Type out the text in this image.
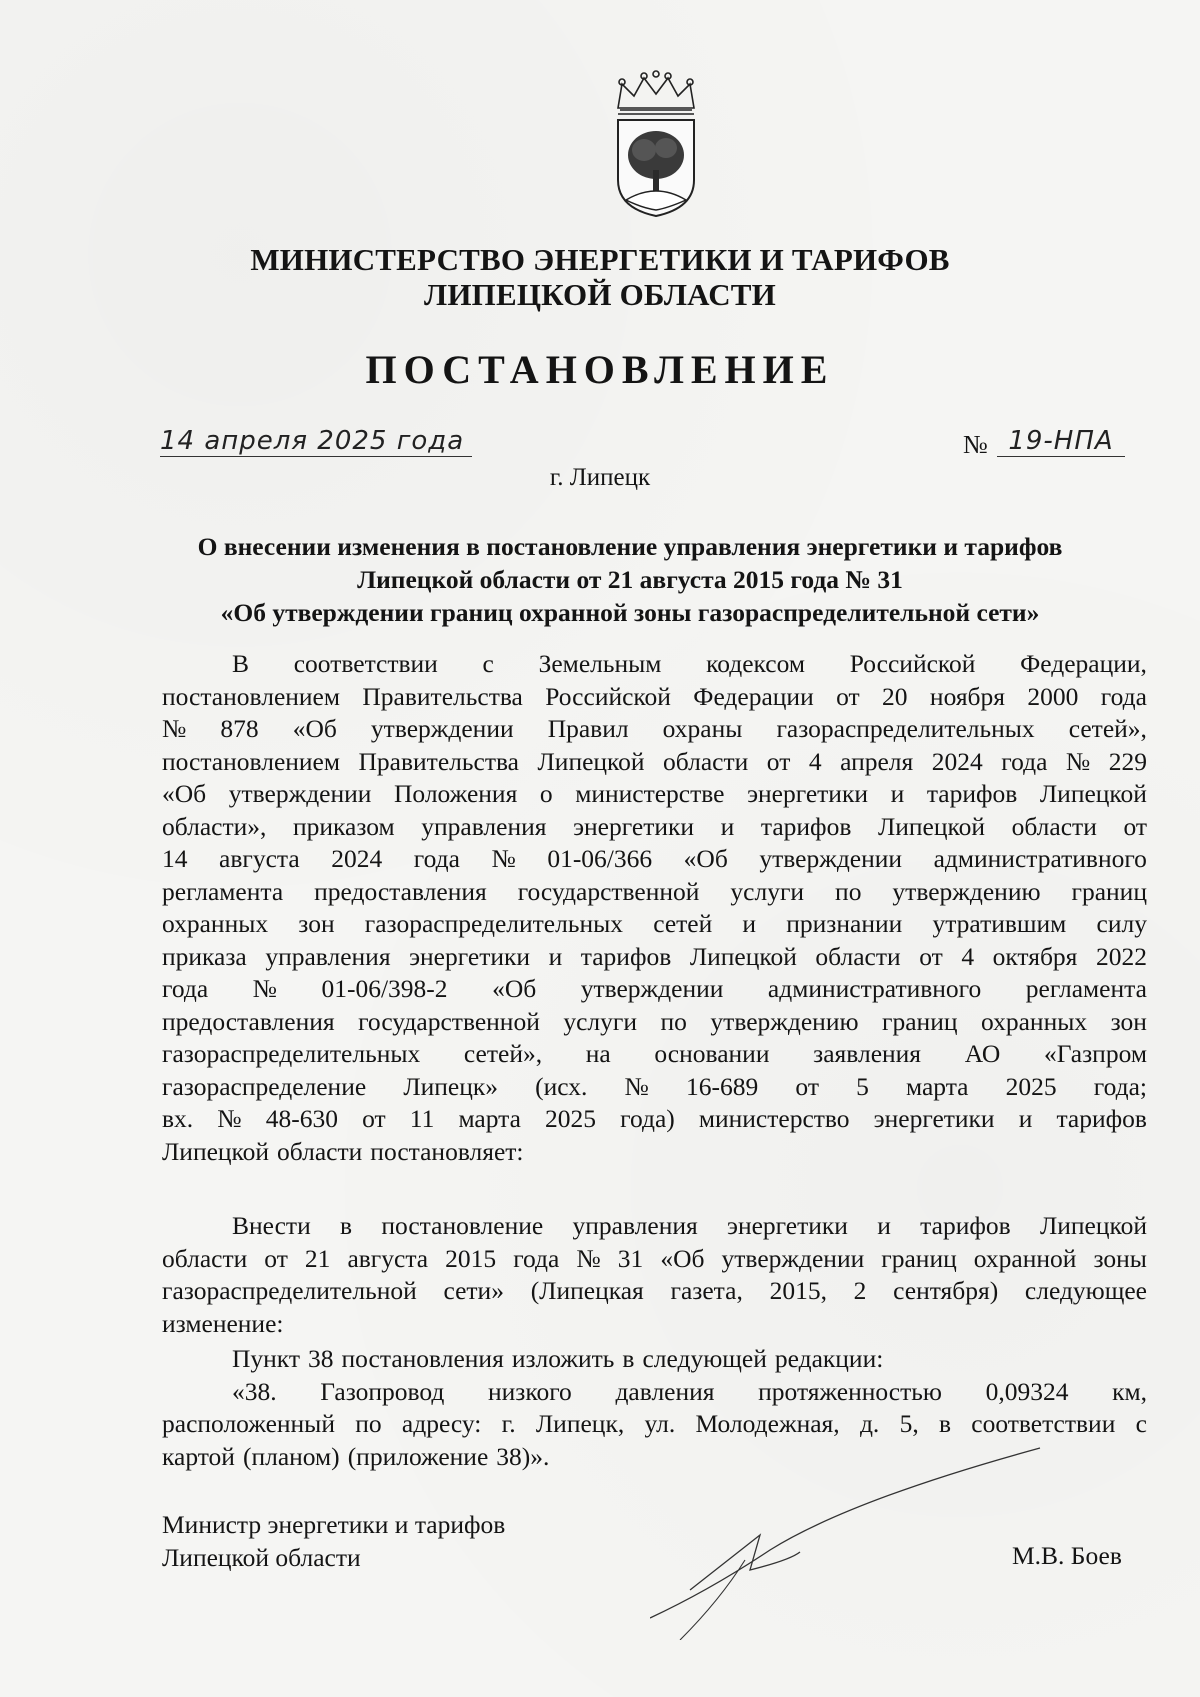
МИНИСТЕРСТВО ЭНЕРГЕТИКИ И ТАРИФОВ
ЛИПЕЦКОЙ ОБЛАСТИ
ПОСТАНОВЛЕНИЕ
14 апреля 2025 года	№ 19-НПА
г. Липецк
О внесении изменения в постановление управления энергетики и тарифов
Липецкой области от 21 августа 2015 года № 31
«Об утверждении границ охранной зоны газораспределительной сети»
В соответствии с Земельным кодексом Российской Федерации,
постановлением Правительства Российской Федерации от 20 ноября 2000 года
№ 878 «Об утверждении Правил охраны газораспределительных сетей»,
постановлением Правительства Липецкой области от 4 апреля 2024 года № 229
«Об утверждении Положения о министерстве энергетики и тарифов Липецкой
области», приказом управления энергетики и тарифов Липецкой области от
14 августа 2024 года № 01-06/366 «Об утверждении административного
регламента предоставления государственной услуги по утверждению границ
охранных зон газораспределительных сетей и признании утратившим силу
приказа управления энергетики и тарифов Липецкой области от 4 октября 2022
года № 01-06/398-2 «Об утверждении административного регламента
предоставления государственной услуги по утверждению границ охранных зон
газораспределительных сетей», на основании заявления АО «Газпром
газораспределение Липецк» (исх. № 16-689 от 5 марта 2025 года;
вх. № 48-630 от 11 марта 2025 года) министерство энергетики и тарифов
Липецкой области постановляет:
Внести в постановление управления энергетики и тарифов Липецкой
области от 21 августа 2015 года № 31 «Об утверждении границ охранной зоны
газораспределительной сети» (Липецкая газета, 2015, 2 сентября) следующее
изменение:
Пункт 38 постановления изложить в следующей редакции:
«38. Газопровод низкого давления протяженностью 0,09324 км,
расположенный по адресу: г. Липецк, ул. Молодежная, д. 5, в соответствии с
картой (планом) (приложение 38)».
Министр энергетики и тарифов
Липецкой области	М.В. Боев
